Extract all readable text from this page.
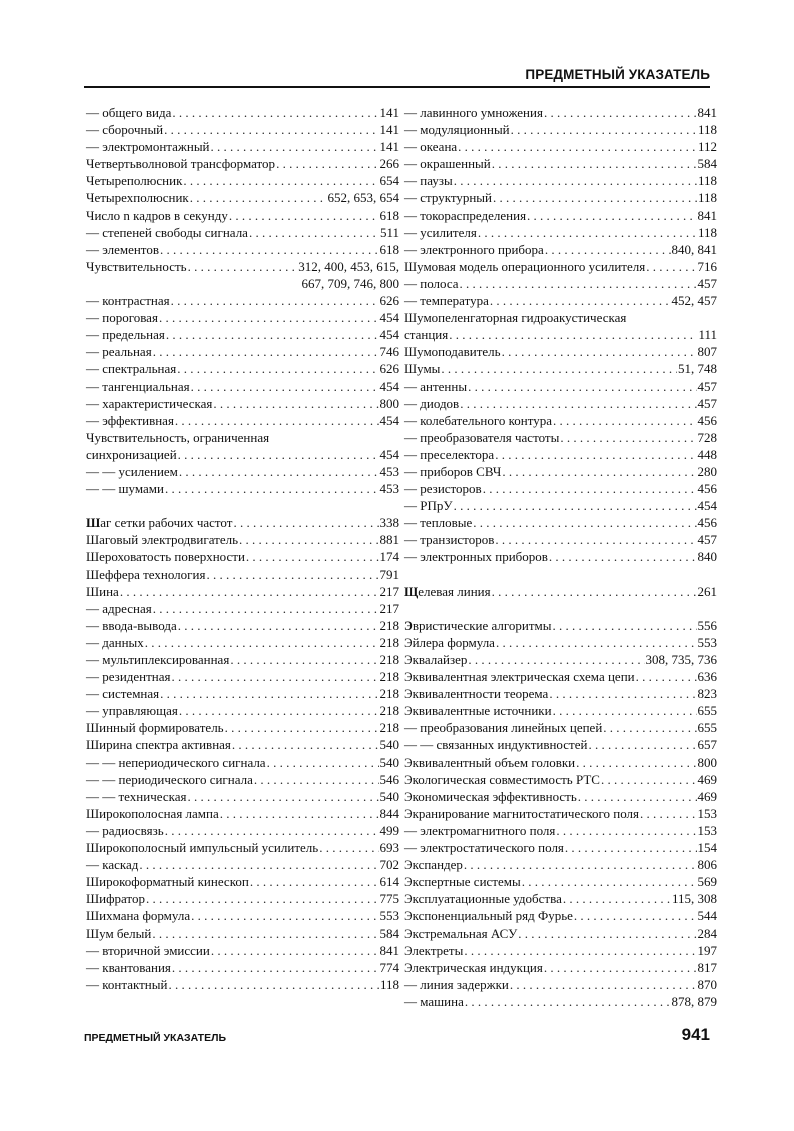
ПРЕДМЕТНЫЙ УКАЗАТЕЛЬ
— общего вида . . .	141
— сборочный . . .	141
— электромонтажный . . .	141
Четвертьволновой трансформатор . . .	266
Четыреполюсник . . .	654
Четырехполюсник . . .	652, 653, 654
Число n кадров в секунду . . .	618
— степеней свободы сигнала . . .	511
— элементов . . .	618
Чувствительность . . .	312, 400, 453, 615,
667, 709, 746, 800
— контрастная . . .	626
— пороговая . . .	454
— предельная . . .	454
— реальная . . .	746
— спектральная . . .	626
— тангенциальная . . .	454
— характеристическая . . .	800
— эффективная . . .	454
Чувствительность, ограниченная
синхронизацией . . .	454
— — усилением . . .	453
— — шумами . . .	453
Шаг сетки рабочих частот . . .	338
Шаговый электродвигатель . . .	881
Шероховатость поверхности . . .	174
Шеффера технология . . .	791
Шина . . .	217
— адресная . . .	217
— ввода-вывода . . .	218
— данных . . .	218
— мультиплексированная . . .	218
— резидентная . . .	218
— системная . . .	218
— управляющая . . .	218
Шинный формирователь . . .	218
Ширина спектра активная . . .	540
— — непериодического сигнала . . .	540
— — периодического сигнала . . .	546
— — техническая . . .	540
Широкополосная лампа . . .	844
— радиосвязь . . .	499
Широкополосный импульсный усилитель . . .	693
— каскад . . .	702
Широкоформатный кинескоп . . .	614
Шифратор . . .	775
Шихмана формула . . .	553
Шум белый . . .	584
— вторичной эмиссии . . .	841
— квантования . . .	774
— контактный . . .	118
— лавинного умножения . . .	841
— модуляционный . . .	118
— океана . . .	112
— окрашенный . . .	584
— паузы . . .	118
— структурный . . .	118
— токораспределения . . .	841
— усилителя . . .	118
— электронного прибора . . .	840, 841
Шумовая модель операционного усилителя . . .	716
— полоса . . .	457
— температура . . .	452, 457
Шумопеленгаторная гидроакустическая
станция . . .	111
Шумоподавитель . . .	807
Шумы . . .	51, 748
— антенны . . .	457
— диодов . . .	457
— колебательного контура . . .	456
— преобразователя частоты . . .	728
— преселектора . . .	448
— приборов СВЧ . . .	280
— резисторов . . .	456
— РПрУ . . .	454
— тепловые . . .	456
— транзисторов . . .	457
— электронных приборов . . .	840
Щелевая линия . . .	261
Эвристические алгоритмы . . .	556
Эйлера формула . . .	553
Эквалайзер . . .	308, 735, 736
Эквивалентная электрическая схема цепи . . .	636
Эквивалентности теорема . . .	823
Эквивалентные источники . . .	655
— преобразования линейных цепей . . .	655
— — связанных индуктивностей . . .	657
Эквивалентный объем головки . . .	800
Экологическая совместимость РТС . . .	469
Экономическая эффективность . . .	469
Экранирование магнитостатического поля . . .	153
— электромагнитного поля . . .	153
— электростатического поля . . .	154
Экспандер . . .	806
Экспертные системы . . .	569
Эксплуатационные удобства . . .	115, 308
Экспоненциальный ряд Фурье . . .	544
Экстремальная АСУ . . .	284
Электреты . . .	197
Электрическая индукция . . .	817
— линия задержки . . .	870
— машина . . .	878, 879
ПРЕДМЕТНЫЙ УКАЗАТЕЛЬ	941
